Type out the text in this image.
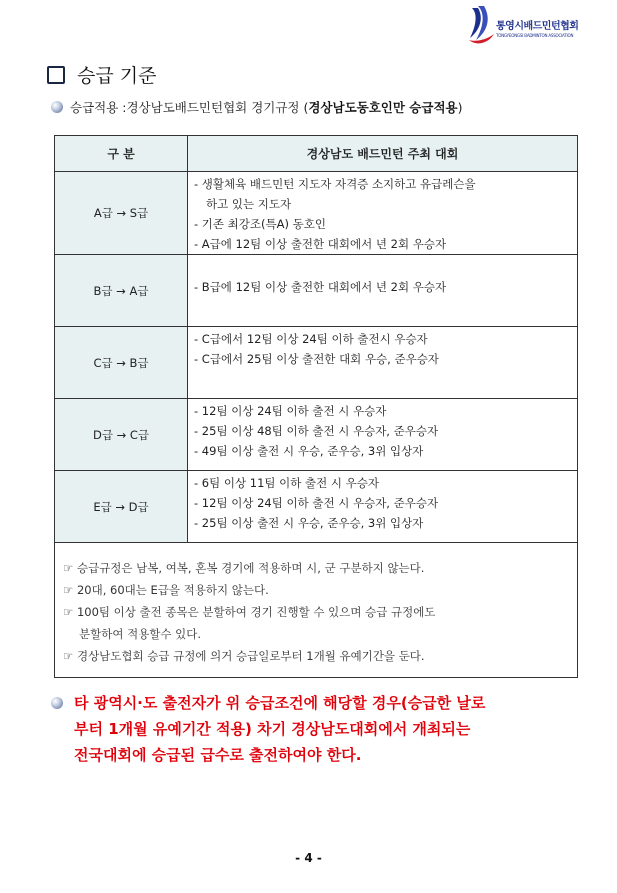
통영시배드민턴협회
TONGYEONGSI BADMINTON ASSOCIATION
승급 기준
승급적용 :경상남도배드민턴협회 경기규정 ( 경상남도동호인만 승급적용 )
구 분	경상남도 배드민턴 주최 대회
A급 → S급	- 생활체육 배드민턴 지도자 자격증 소지하고 유급레슨을
하고 있는 지도자
- 기존 최강조(특A) 동호인
- A급에 12팀 이상 출전한 대회에서 년 2회 우승자

B급 → A급	- B급에 12팀 이상 출전한 대회에서 년 2회 우승자

C급 → B급	- C급에서 12팀 이상 24팀 이하 출전시 우승자
- C급에서 25팀 이상 출전한 대회 우승, 준우승자

D급 → C급	- 12팀 이상 24팀 이하 출전 시 우승자
- 25팀 이상 48팀 이하 출전 시 우승자, 준우승자
- 49팀 이상 출전 시 우승, 준우승, 3위 입상자

E급 → D급	- 6팀 이상 11팀 이하 출전 시 우승자
- 12팀 이상 24팀 이하 출전 시 우승자, 준우승자
- 25팀 이상 출전 시 우승, 준우승, 3위 입상자

☞ 승급규정은 남복, 여복, 혼복 경기에 적용하며 시, 군 구분하지 않는다.
☞ 20대, 60대는 E급을 적용하지 않는다.
☞ 100팀 이상 출전 종목은 분할하여 경기 진행할 수 있으며 승급 규정에도
분할하여 적용할수 있다.
☞ 경상남도협회 승급 규정에 의거 승급일로부터 1개월 유예기간을 둔다.	
타 광역시·도 출전자가 위 승급조건에 해당할 경우(승급한 날로
부터 1개월 유예기간 적용) 차기 경상남도대회에서 개최되는
전국대회에 승급된 급수로 출전하여야 한다.
- 4 -
